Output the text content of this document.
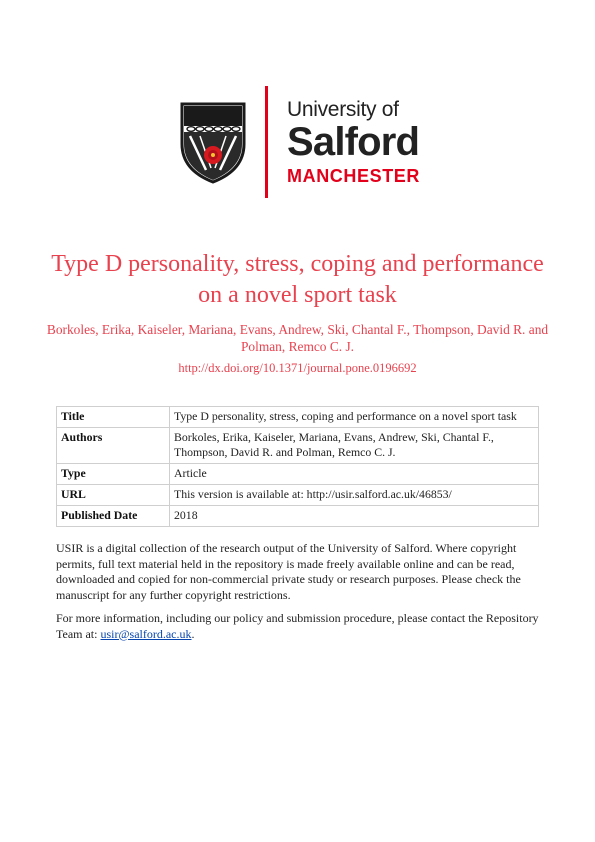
University of
Salford
MANCHESTER
Type D personality, stress, coping and performance on a novel sport task
Borkoles, Erika, Kaiseler, Mariana, Evans, Andrew, Ski, Chantal F., Thompson, David R. and Polman, Remco C. J.
http://dx.doi.org/10.1371/journal.pone.0196692
Title	Type D personality, stress, coping and performance on a novel sport task
Authors	Borkoles, Erika, Kaiseler, Mariana, Evans, Andrew, Ski, Chantal F., Thompson, David R. and Polman, Remco C. J.
Type	Article
URL	This version is available at: http://usir.salford.ac.uk/46853/
Published Date	2018
USIR is a digital collection of the research output of the University of Salford. Where copyright permits, full text material held in the repository is made freely available online and can be read, downloaded and copied for non-commercial private study or research purposes. Please check the manuscript for any further copyright restrictions.
For more information, including our policy and submission procedure, please contact the Repository Team at: usir@salford.ac.uk.
